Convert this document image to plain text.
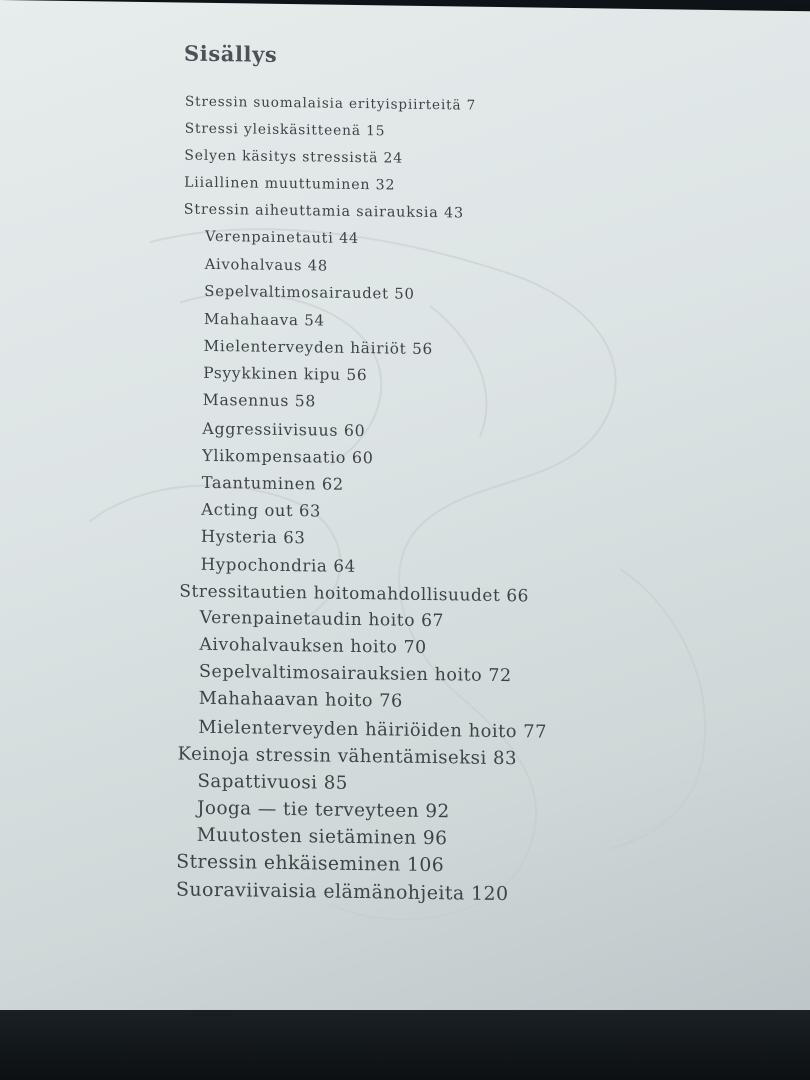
Sisällys
Stressin suomalaisia erityispiirteitä 7
Stressi yleiskäsitteenä 15
Selyen käsitys stressistä 24
Liiallinen muuttuminen 32
Stressin aiheuttamia sairauksia 43
Verenpainetauti 44
Aivohalvaus 48
Sepelvaltimosairaudet 50
Mahahaava 54
Mielenterveyden häiriöt 56
Psyykkinen kipu 56
Masennus 58
Aggressiivisuus 60
Ylikompensaatio 60
Taantuminen 62
Acting out 63
Hysteria 63
Hypochondria 64
Stressitautien hoitomahdollisuudet 66
Verenpainetaudin hoito 67
Aivohalvauksen hoito 70
Sepelvaltimosairauksien hoito 72
Mahahaavan hoito 76
Mielenterveyden häiriöiden hoito 77
Keinoja stressin vähentämiseksi 83
Sapattivuosi 85
Jooga — tie terveyteen 92
Muutosten sietäminen 96
Stressin ehkäiseminen 106
Suoraviivaisia elämänohjeita 120
